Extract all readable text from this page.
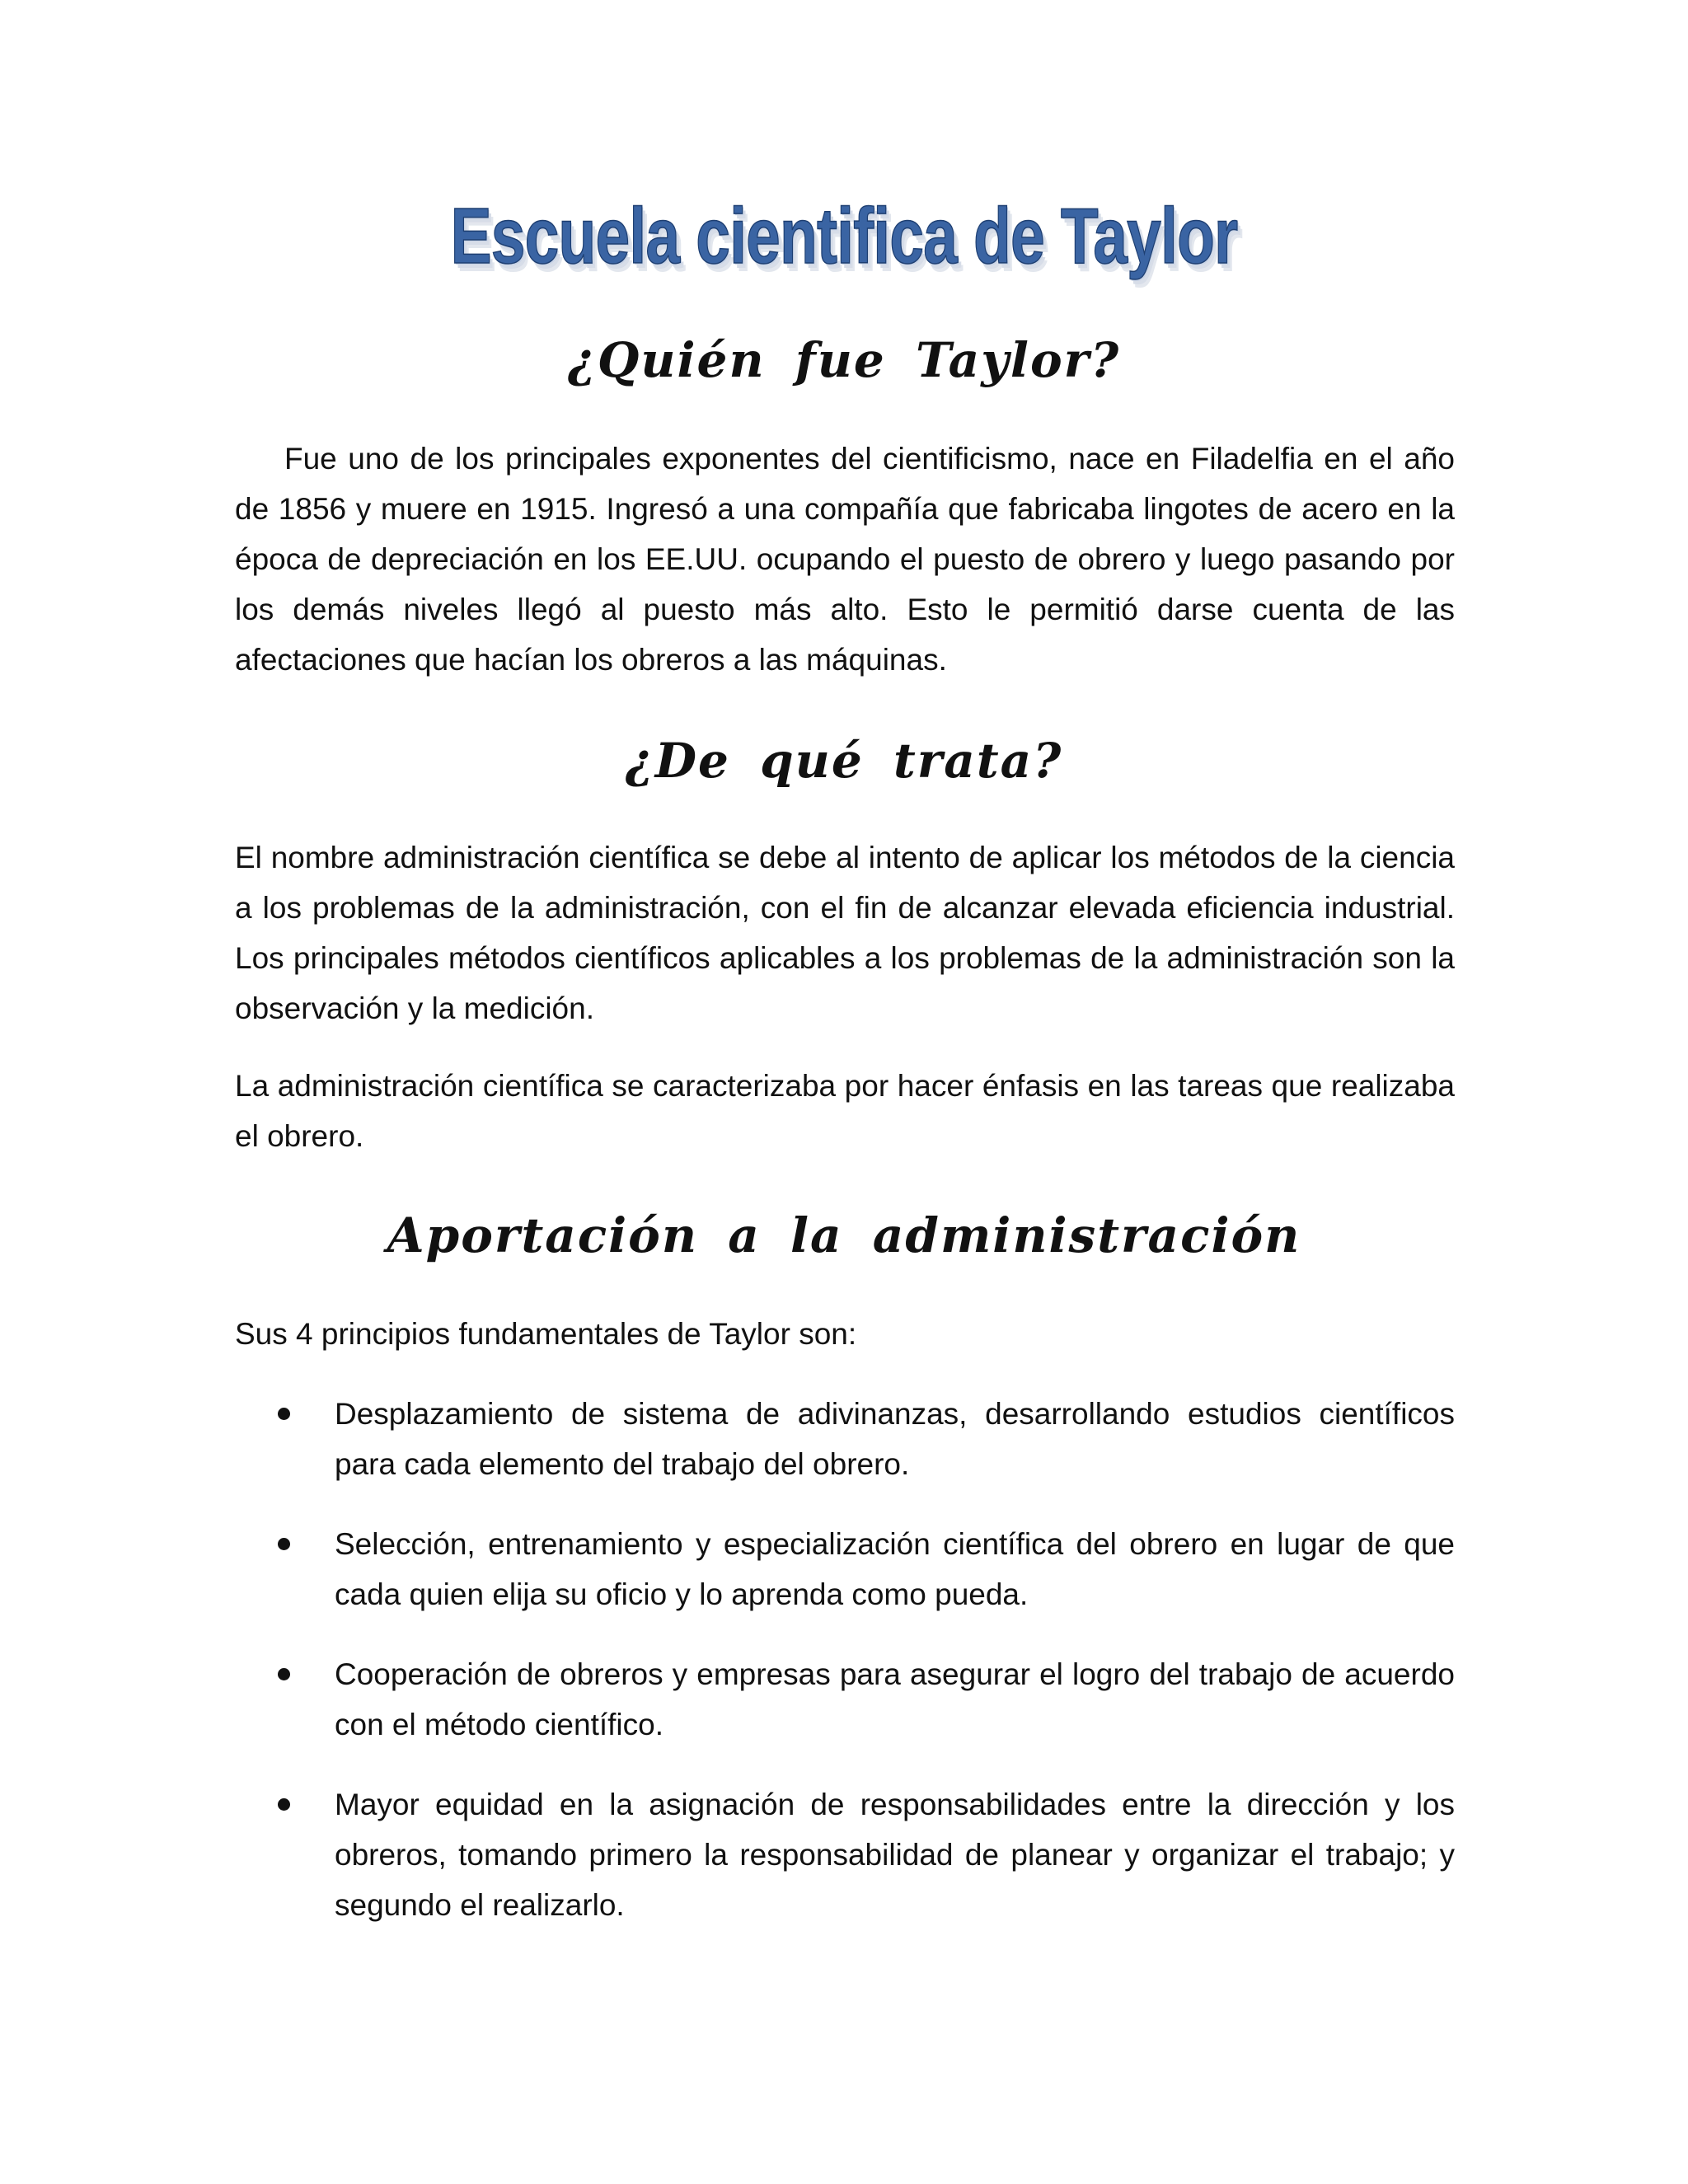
Escuela cientifica de Taylor
¿Quién fue Taylor?

Fue uno de los principales exponentes del cientificismo, nace en Filadelfia en el año de 1856 y muere en 1915. Ingresó a una compañía que fabricaba lingotes de acero en la época de depreciación en los EE.UU. ocupando el puesto de obrero y luego pasando por los demás niveles llegó al puesto más alto. Esto le permitió darse cuenta de las afectaciones que hacían los obreros a las máquinas.

¿De qué trata?

El nombre administración científica se debe al intento de aplicar los métodos de la ciencia a los problemas de la administración, con el fin de alcanzar elevada eficiencia industrial. Los principales métodos científicos aplicables a los problemas de la administración son la observación y la medición.

La administración científica se caracterizaba por hacer énfasis en las tareas que realizaba el obrero.

Aportación a la administración

Sus 4 principios fundamentales de Taylor son:

Desplazamiento de sistema de adivinanzas, desarrollando estudios científicos para cada elemento del trabajo del obrero.
Selección, entrenamiento y especialización científica del obrero en lugar de que cada quien elija su oficio y lo aprenda como pueda.
Cooperación de obreros y empresas para asegurar el logro del trabajo de acuerdo con el método científico.
Mayor equidad en la asignación de responsabilidades entre la dirección y los obreros, tomando primero la responsabilidad de planear y organizar el trabajo; y segundo el realizarlo.
